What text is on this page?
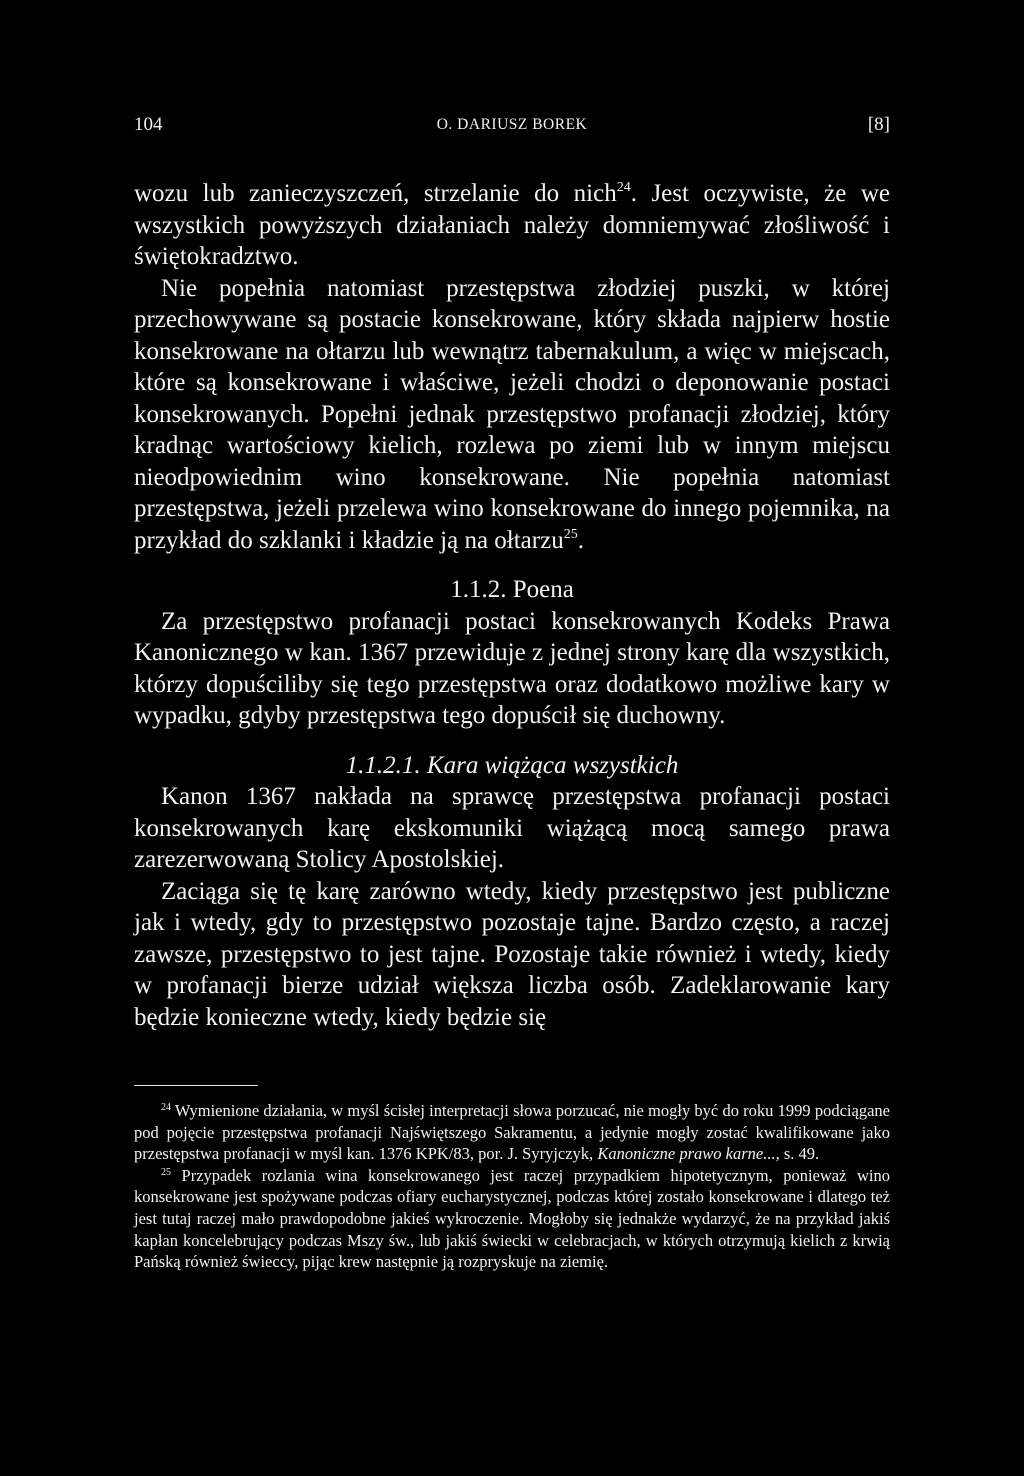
104	O. DARIUSZ BOREK	[8]

wozu lub zanieczyszczeń, strzelanie do nich$^{24}$. Jest oczywiste, że we wszystkich powyższych działaniach należy domniemywać złośliwość i świętokradztwo.

Nie popełnia natomiast przestępstwa złodziej puszki, w której przechowywane są postacie konsekrowane, który składa najpierw hostie konsekrowane na ołtarzu lub wewnątrz tabernakulum, a więc w miejscach, które są konsekrowane i właściwe, jeżeli chodzi o deponowanie postaci konsekrowanych. Popełni jednak przestępstwo profanacji złodziej, który kradnąc wartościowy kielich, rozlewa po ziemi lub w innym miejscu nieodpowiednim wino konsekrowane. Nie popełnia natomiast przestępstwa, jeżeli przelewa wino konsekrowane do innego pojemnika, na przykład do szklanki i kładzie ją na ołtarzu$^{25}$.

1.1.2. Poena

Za przestępstwo profanacji postaci konsekrowanych Kodeks Prawa Kanonicznego w kan. 1367 przewiduje z jednej strony karę dla wszystkich, którzy dopuściliby się tego przestępstwa oraz dodatkowo możliwe kary w wypadku, gdyby przestępstwa tego dopuścił się duchowny.

1.1.2.1. Kara wiążąca wszystkich

Kanon 1367 nakłada na sprawcę przestępstwa profanacji postaci konsekrowanych karę ekskomuniki wiążącą mocą samego prawa zarezerwowaną Stolicy Apostolskiej.

Zaciąga się tę karę zarówno wtedy, kiedy przestępstwo jest publiczne jak i wtedy, gdy to przestępstwo pozostaje tajne. Bardzo często, a raczej zawsze, przestępstwo to jest tajne. Pozostaje takie również i wtedy, kiedy w profanacji bierze udział większa liczba osób. Zadeklarowanie kary będzie konieczne wtedy, kiedy będzie się

$^{24}$ Wymienione działania, w myśl ścisłej interpretacji słowa porzucać, nie mogły być do roku 1999 podciągane pod pojęcie przestępstwa profanacji Najświętszego Sakramentu, a jedynie mogły zostać kwalifikowane jako przestępstwa profanacji w myśl kan. 1376 KPK/83, por. J. Syryjczyk, Kanoniczne prawo karne..., s. 49.

$^{25}$ Przypadek rozlania wina konsekrowanego jest raczej przypadkiem hipotetycznym, ponieważ wino konsekrowane jest spożywane podczas ofiary eucharystycznej, podczas której zostało konsekrowane i dlatego też jest tutaj raczej mało prawdopodobne jakieś wykroczenie. Mogłoby się jednakże wydarzyć, że na przykład jakiś kapłan koncelebrujący podczas Mszy św., lub jakiś świecki w celebracjach, w których otrzymują kielich z krwią Pańską również świeccy, pijąc krew następnie ją rozpryskuje na ziemię.
